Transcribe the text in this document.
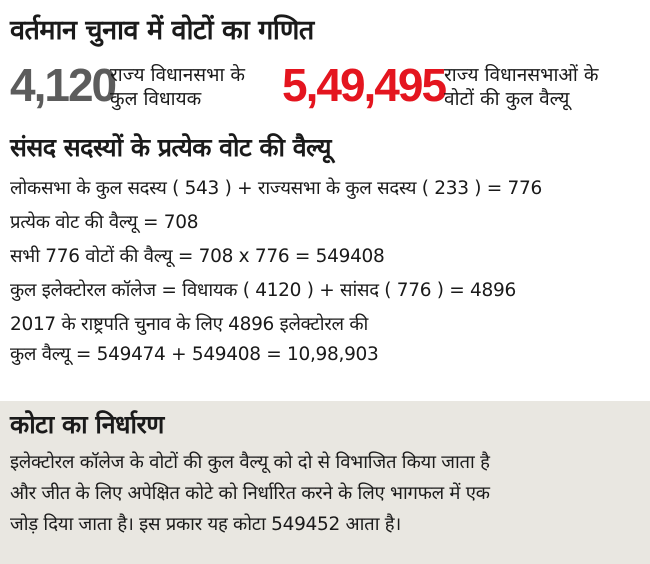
वर्तमान चुनाव में वोटों का गणित
4,120
राज्य विधानसभा के
कुल विधायक	5,49,495
राज्य विधानसभाओं के
वोटों की कुल वैल्यू
संसद सदस्यों के प्रत्येक वोट की वैल्यू
लोकसभा के कुल सदस्य ( 543 ) + राज्यसभा के कुल सदस्य ( 233 ) = 776
प्रत्येक वोट की वैल्यू = 708
सभी 776 वोटों की वैल्यू = 708 x 776 = 549408
कुल इलेक्टोरल कॉलेज = विधायक ( 4120 ) + सांसद ( 776 ) = 4896
2017 के राष्ट्रपति चुनाव के लिए 4896 इलेक्टोरल की
कुल वैल्यू = 549474 + 549408 = 10,98,903
कोटा का निर्धारण

इलेक्टोरल कॉलेज के वोटों की कुल वैल्यू को दो से विभाजित किया जाता है
और जीत के लिए अपेक्षित कोटे को निर्धारित करने के लिए भागफल में एक
जोड़ दिया जाता है। इस प्रकार यह कोटा 549452 आता है।
